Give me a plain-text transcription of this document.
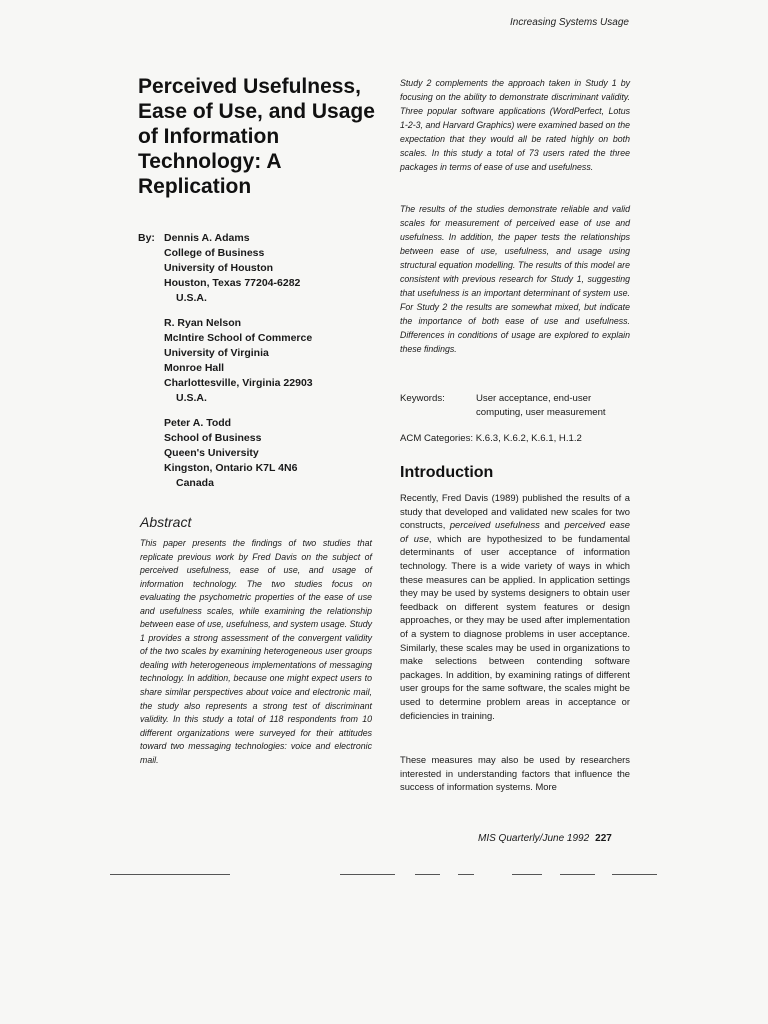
Increasing Systems Usage
Perceived Usefulness, Ease of Use, and Usage of Information Technology: A Replication
By: Dennis A. Adams
College of Business
University of Houston
Houston, Texas 77204-6282
U.S.A.
R. Ryan Nelson
McIntire School of Commerce
University of Virginia
Monroe Hall
Charlottesville, Virginia 22903
U.S.A.
Peter A. Todd
School of Business
Queen's University
Kingston, Ontario K7L 4N6
Canada
Abstract

This paper presents the findings of two studies that replicate previous work by Fred Davis on the subject of perceived usefulness, ease of use, and usage of information technology. The two studies focus on evaluating the psychometric properties of the ease of use and usefulness scales, while examining the relationship between ease of use, usefulness, and system usage. Study 1 provides a strong assessment of the convergent validity of the two scales by examining heterogeneous user groups dealing with heterogeneous implementations of messaging technology. In addition, because one might expect users to share similar perspectives about voice and electronic mail, the study also represents a strong test of discriminant validity. In this study a total of 118 respondents from 10 different organizations were surveyed for their attitudes toward two messaging technologies: voice and electronic mail.

Study 2 complements the approach taken in Study 1 by focusing on the ability to demonstrate discriminant validity. Three popular software applications (WordPerfect, Lotus 1-2-3, and Harvard Graphics) were examined based on the expectation that they would all be rated highly on both scales. In this study a total of 73 users rated the three packages in terms of ease of use and usefulness.

The results of the studies demonstrate reliable and valid scales for measurement of perceived ease of use and usefulness. In addition, the paper tests the relationships between ease of use, usefulness, and usage using structural equation modelling. The results of this model are consistent with previous research for Study 1, suggesting that usefulness is an important determinant of system use. For Study 2 the results are somewhat mixed, but indicate the importance of both ease of use and usefulness. Differences in conditions of usage are explored to explain these findings.

Keywords:	User acceptance, end-user computing, user measurement
ACM Categories: K.6.3, K.6.2, K.6.1, H.1.2
Introduction

Recently, Fred Davis (1989) published the results of a study that developed and validated new scales for two constructs, perceived usefulness and perceived ease of use, which are hypothesized to be fundamental determinants of user acceptance of information technology. There is a wide variety of ways in which these measures can be applied. In application settings they may be used by systems designers to obtain user feedback on different system features or design approaches, or they may be used after implementation of a system to diagnose problems in user acceptance. Similarly, these scales may be used in organizations to make selections between contending software packages. In addition, by examining ratings of different user groups for the same software, the scales might be used to determine problem areas in acceptance or deficiencies in training.

These measures may also be used by researchers interested in understanding factors that influence the success of information systems. More

MIS Quarterly/June 1992 227
